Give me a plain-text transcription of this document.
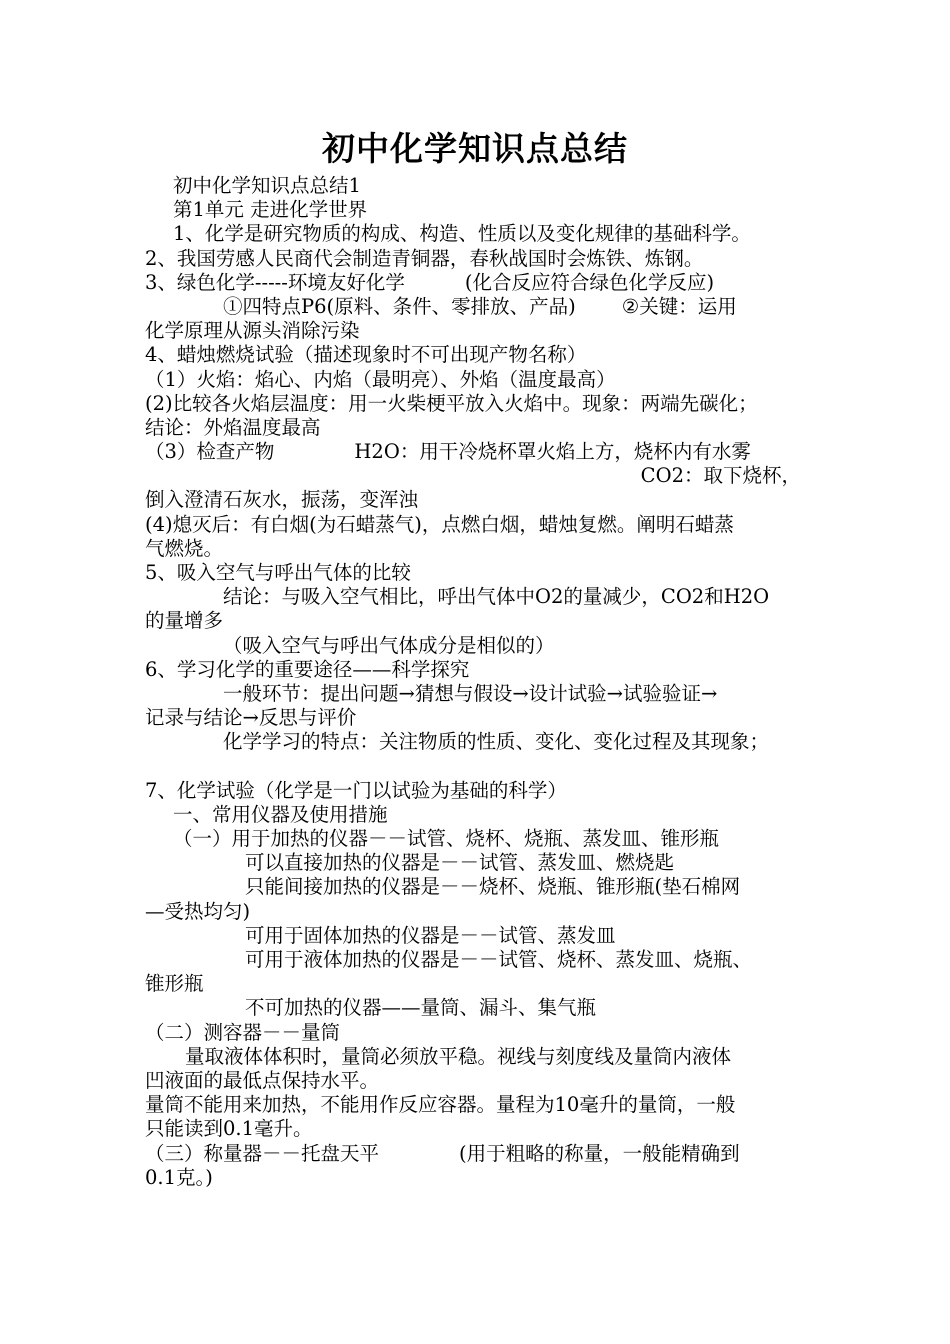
初中化学知识点总结
初中化学知识点总结1
第1单元 走进化学世界
1、化学是研究物质的构成、构造、性质以及变化规律的基础科学。
2、我国劳感人民商代会制造青铜器，春秋战国时会炼铁、炼钢。
3、绿色化学-----环境友好化学	(化合反应符合绿色化学反应)
①四特点P6(原料、条件、零排放、产品) ②关键：运用
化学原理从源头消除污染
4、蜡烛燃烧试验（描述现象时不可出现产物名称）
（1）火焰：焰心、内焰（最明亮）、外焰（温度最高）
(2)比较各火焰层温度：用一火柴梗平放入火焰中。现象：两端先碳化；
结论：外焰温度最高
（3）检查产物	H2O：用干冷烧杯罩火焰上方，烧杯内有水雾
CO2：取下烧杯，
倒入澄清石灰水，振荡，变浑浊
(4)熄灭后：有白烟(为石蜡蒸气)，点燃白烟，蜡烛复燃。阐明石蜡蒸
气燃烧。
5、吸入空气与呼出气体的比较
结论：与吸入空气相比，呼出气体中O2的量减少，CO2和H2O
的量增多
（吸入空气与呼出气体成分是相似的）
6、学习化学的重要途径——科学探究
一般环节：提出问题→猜想与假设→设计试验→试验验证→
记录与结论→反思与评价
化学学习的特点：关注物质的性质、变化、变化过程及其现象；
7、化学试验（化学是一门以试验为基础的科学）
一、常用仪器及使用措施
（一）用于加热的仪器－－试管、烧杯、烧瓶、蒸发皿、锥形瓶
可以直接加热的仪器是－－试管、蒸发皿、燃烧匙
只能间接加热的仪器是－－烧杯、烧瓶、锥形瓶(垫石棉网
—受热均匀)
可用于固体加热的仪器是－－试管、蒸发皿
可用于液体加热的仪器是－－试管、烧杯、蒸发皿、烧瓶、
锥形瓶
不可加热的仪器——量筒、漏斗、集气瓶
（二）测容器－－量筒
量取液体体积时，量筒必须放平稳。视线与刻度线及量筒内液体
凹液面的最低点保持水平。
量筒不能用来加热，不能用作反应容器。量程为10毫升的量筒，一般
只能读到0.1毫升。
（三）称量器－－托盘天平	(用于粗略的称量，一般能精确到
0.1克。)
